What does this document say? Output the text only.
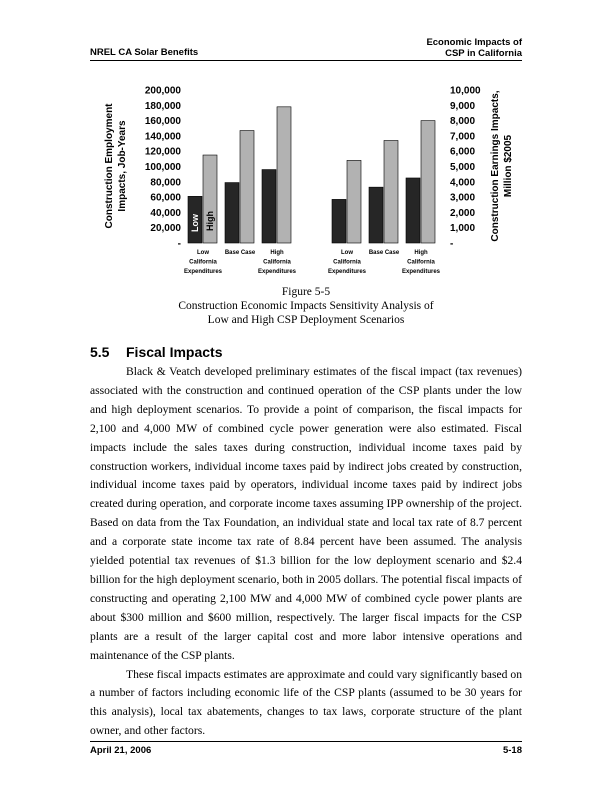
NREL CA Solar Benefits
Economic Impacts of
CSP in California
Construction Employment Impacts, Job-Years	Construction Earnings Impacts, Million $2005
200,000
180,000
160,000
140,000
120,000
100,000
80,000
60,000
40,000
20,000
-
10,000
9,000
8,000
7,000
6,000
5,000
4,000
3,000
2,000
1,000
-
Low
California
Expenditures
Base Case	High
California
Expenditures
Low
California
Expenditures
Base Case	High
California
Expenditures
Low High
Figure 5-5
Construction Economic Impacts Sensitivity Analysis of
Low and High CSP Deployment Scenarios
5.5 Fiscal Impacts

Black & Veatch developed preliminary estimates of the fiscal impact (tax revenues) associated with the construction and continued operation of the CSP plants under the low and high deployment scenarios. To provide a point of comparison, the fiscal impacts for 2,100 and 4,000 MW of combined cycle power generation were also estimated. Fiscal impacts include the sales taxes during construction, individual income taxes paid by construction workers, individual income taxes paid by indirect jobs created by construction, individual income taxes paid by operators, individual income taxes paid by indirect jobs created during operation, and corporate income taxes assuming IPP ownership of the project. Based on data from the Tax Foundation, an individual state and local tax rate of 8.7 percent and a corporate state income tax rate of 8.84 percent have been assumed. The analysis yielded potential tax revenues of $1.3 billion for the low deployment scenario and $2.4 billion for the high deployment scenario, both in 2005 dollars. The potential fiscal impacts of constructing and operating 2,100 MW and 4,000 MW of combined cycle power plants are about $300 million and $600 million, respectively. The larger fiscal impacts for the CSP plants are a result of the larger capital cost and more labor intensive operations and maintenance of the CSP plants.

These fiscal impacts estimates are approximate and could vary significantly based on a number of factors including economic life of the CSP plants (assumed to be 30 years for this analysis), local tax abatements, changes to tax laws, corporate structure of the plant owner, and other factors.

April 21, 2006	5-18
